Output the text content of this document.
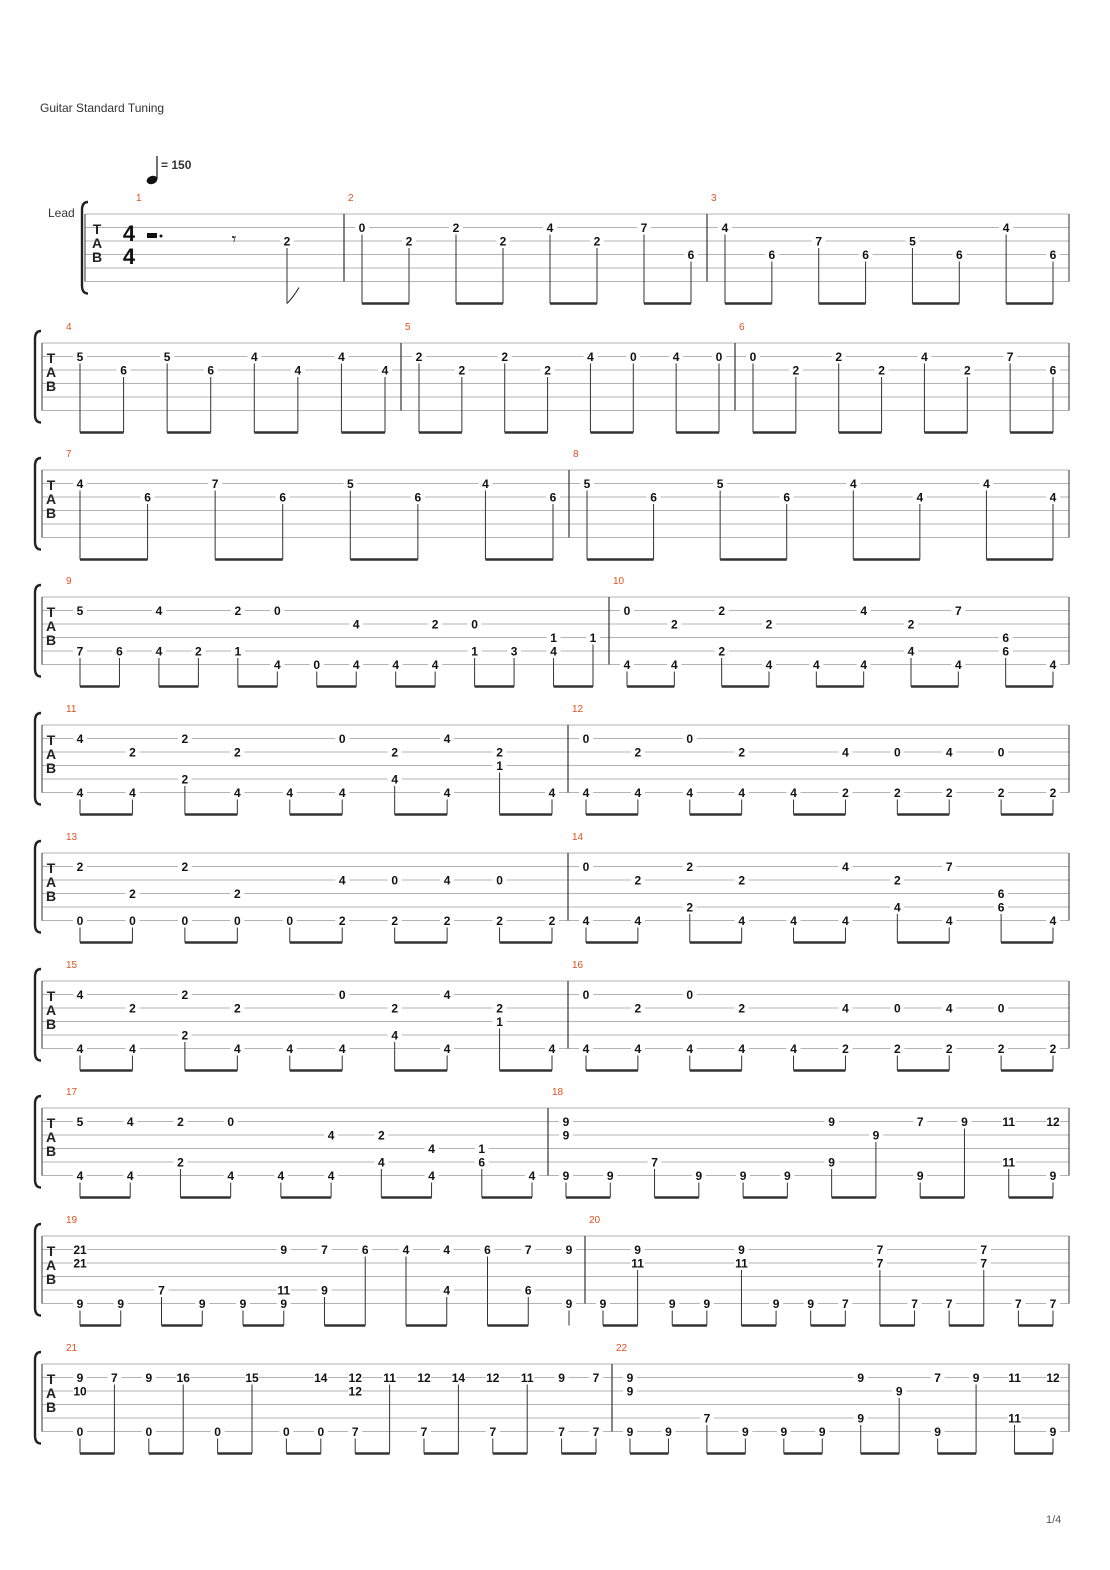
Guitar Standard Tuning
= 150
Lead
T
A
B
1
4
4
𝄾	2
2
0
2
2
2
4
2
7
6
3
4
6
7
6
5
6
4
6
T
A
B
4
5
6
5
6
4
4
4
4
5
2
2
2
2
4	0	4	0
6
0
2
2
2
4
2
7
6
T
A
B
7
4
6
7
6
5
6
4
6
8
5
6
5
6
4
4
4
4
T
A
B
9
5
7	6
4
4	2
2
1
0
4	0
4
4	4
2
4
0
1	3
1
4
1
10
0
4
2
4
2
2
2
4	4
4
4
2
4
7
4
6
6
4
T
A
B
11
4
4
2
4
2
2
2
4	4
0
4
2
4
4
4
2
1
4
12
0
4
2
4
0
4
2
4	4
4
2
0
2
4
2
0
2	2
T
A
B
13
2
0
2
0
2
0
2
0	0
4
2
0
2
4
2
0
2	2
14
0
4
2
4
2
2
2
4	4
4
4
2
4
7
4
6
6
4
T
A
B
15
4
4
2
4
2
2
2
4	4
0
4
2
4
4
4
2
1
4
16
0
4
2
4
0
4
2
4	4
4
2
0
2
4
2
0
2	2
T
A
B
17
5
4
4
4
2
2
0
4	4
4
4
2
4
4
4
1
6
4
18
9
9
9	9
7
9	9	9
9
9
9
7
9
9	11
11
12
9
T
A
B
19
21
21
9	9
7
9	9
9
11
9
7
9
6	4	4
4
6	7
6
9
9
20
9
9
11
9 9
9
11
9 9 7
7
7
7 7
7
7
7 7
T
A
B
21
9
10
0
7 9
0
16
0
15
0
14
0
12
12
7
11 12
7
14 12
7
11 9
7
7
7
22
9
9
9	9
7
9	9	9
9
9
9
7
9
9 11
11
12
9
1/4
